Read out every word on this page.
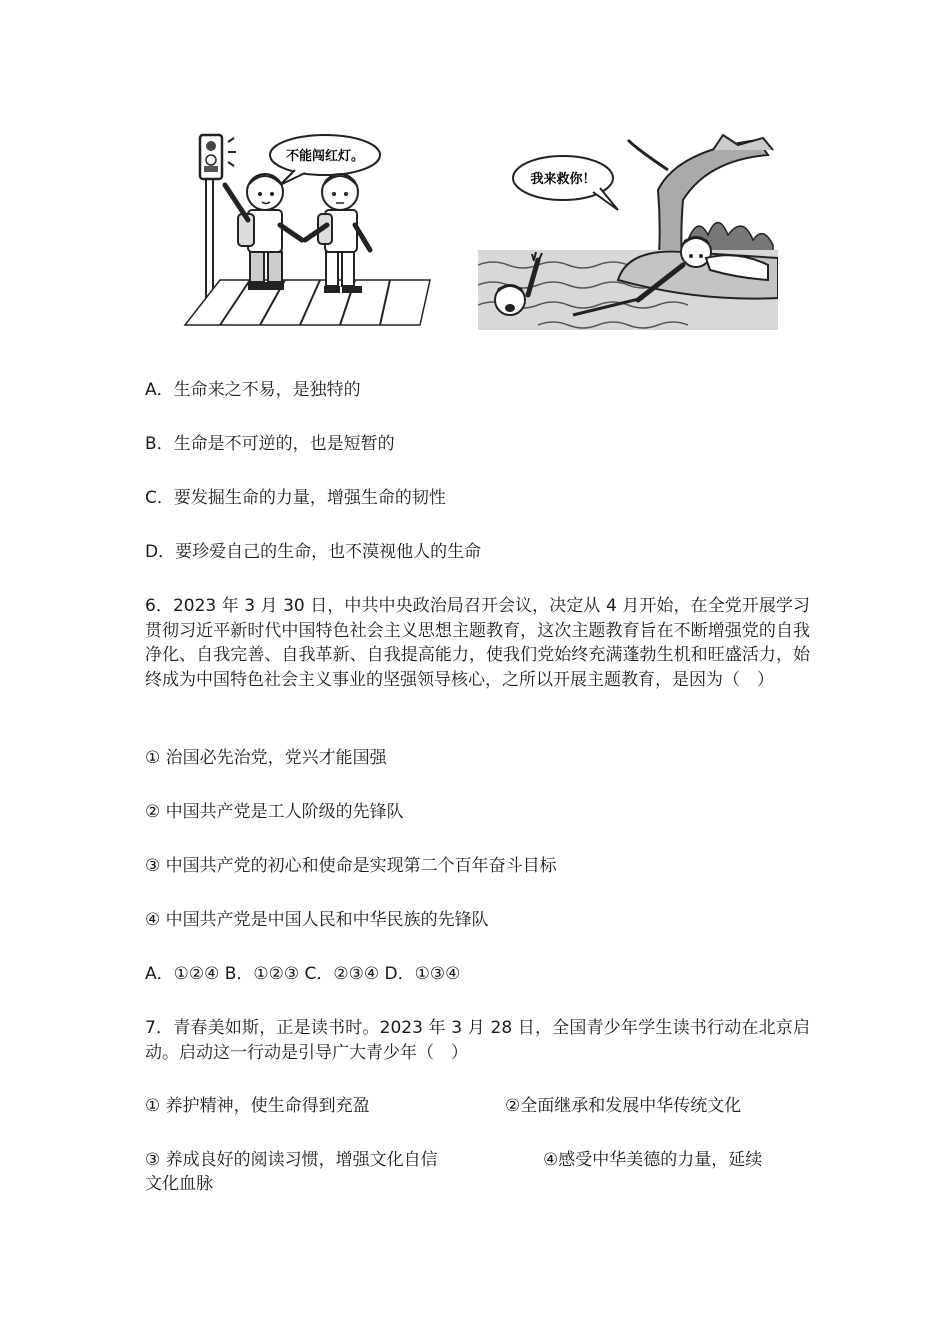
不能闯红灯。
我来救你！
A．生命来之不易，是独特的
B．生命是不可逆的，也是短暂的
C．要发掘生命的力量，增强生命的韧性
D．要珍爱自己的生命，也不漠视他人的生命
6．2023 年 3 月 30 日，中共中央政治局召开会议，决定从 4 月开始，在全党开展学习贯彻习近平新时代中国特色社会主义思想主题教育，这次主题教育旨在不断增强党的自我净化、自我完善、自我革新、自我提高能力，使我们党始终充满蓬勃生机和旺盛活力，始终成为中国特色社会主义事业的坚强领导核心，之所以开展主题教育，是因为（　）
① 治国必先治党，党兴才能国强
② 中国共产党是工人阶级的先锋队
③ 中国共产党的初心和使命是实现第二个百年奋斗目标
④ 中国共产党是中国人民和中华民族的先锋队
A．①②④ B．①②③ C．②③④ D．①③④
7．青春美如斯，正是读书时。2023 年 3 月 28 日，全国青少年学生读书行动在北京启动。启动这一行动是引导广大青少年（　）
① 养护精神，使生命得到充盈	②全面继承和发展中华传统文化
③ 养成良好的阅读习惯，增强文化自信	④感受中华美德的力量，延续
文化血脉
